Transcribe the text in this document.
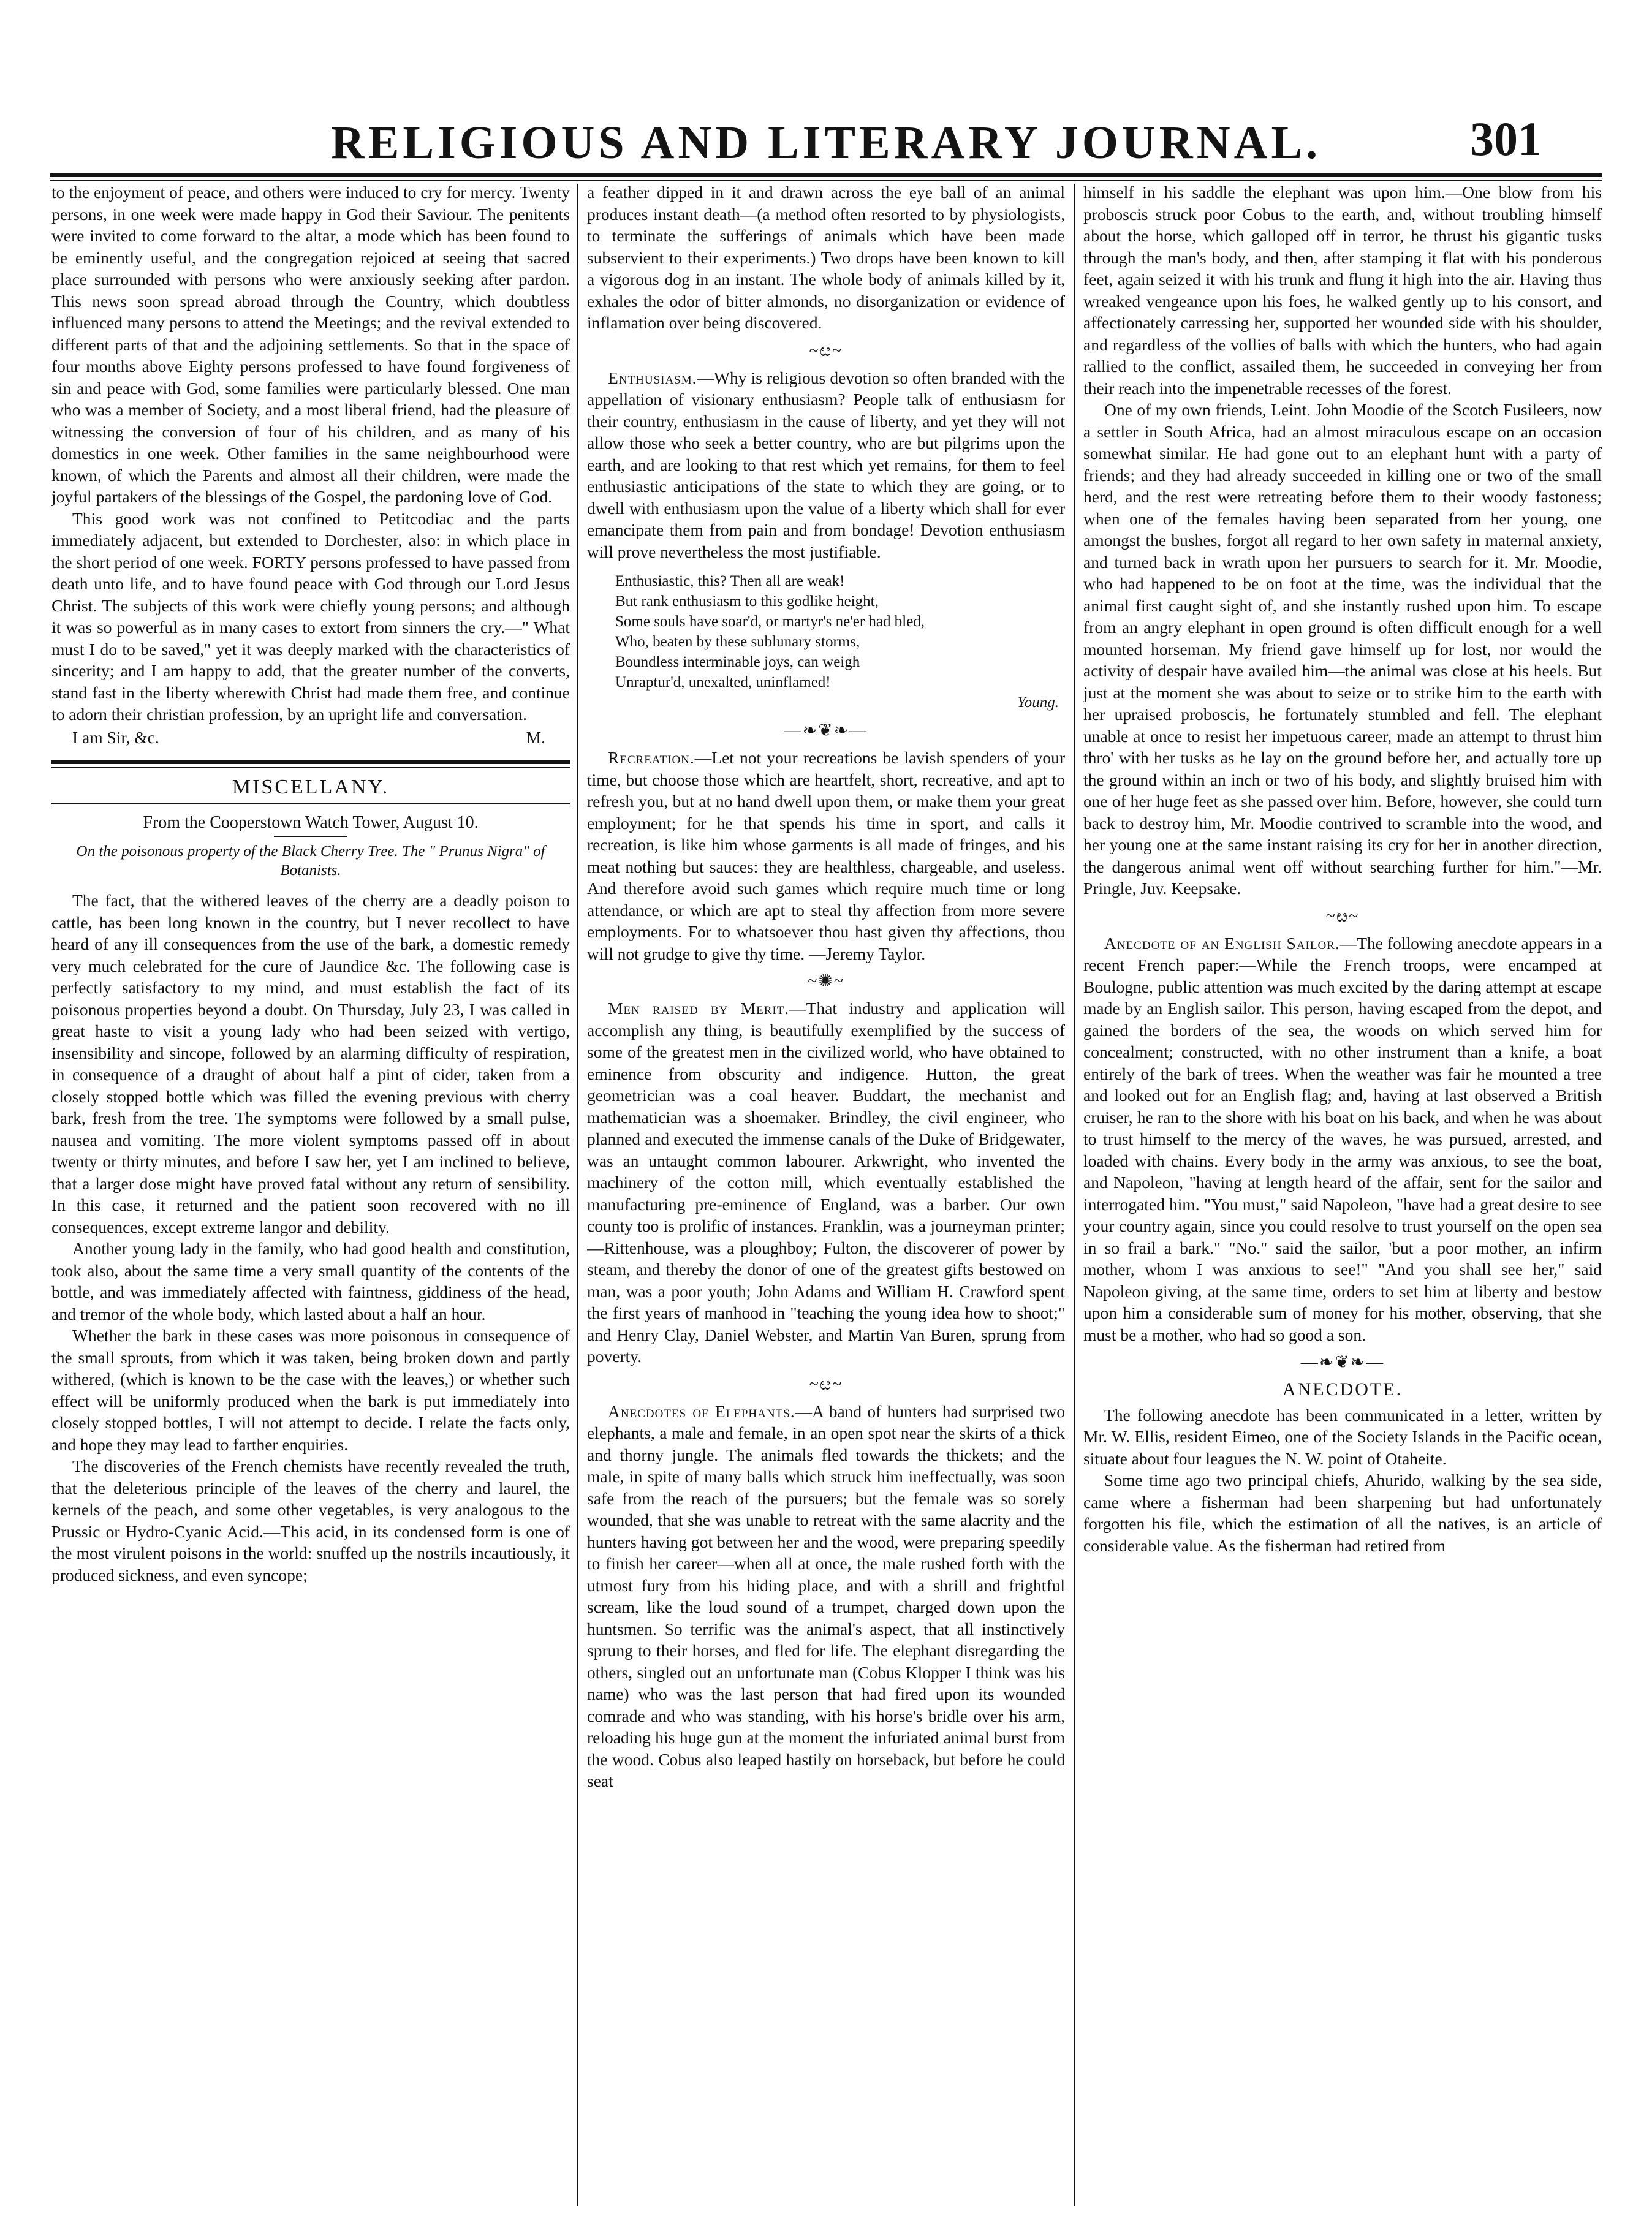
RELIGIOUS AND LITERARY JOURNAL.	301

to the enjoyment of peace, and others were induced to cry for mercy. Twenty persons, in one week were made happy in God their Saviour. The penitents were invited to come forward to the altar, a mode which has been found to be eminently useful, and the congregation rejoiced at seeing that sacred place surrounded with persons who were anxiously seeking after pardon. This news soon spread abroad through the Country, which doubtless influenced many persons to attend the Meetings; and the revival extended to different parts of that and the adjoining settlements. So that in the space of four months above Eighty persons professed to have found forgiveness of sin and peace with God, some families were particularly blessed. One man who was a member of Society, and a most liberal friend, had the pleasure of witnessing the conversion of four of his children, and as many of his domestics in one week. Other families in the same neighbourhood were known, of which the Parents and almost all their children, were made the joyful partakers of the blessings of the Gospel, the pardoning love of God.

This good work was not confined to Petitcodiac and the parts immediately adjacent, but extended to Dorchester, also: in which place in the short period of one week. FORTY persons professed to have passed from death unto life, and to have found peace with God through our Lord Jesus Christ. The subjects of this work were chiefly young persons; and although it was so powerful as in many cases to extort from sinners the cry.—" What must I do to be saved," yet it was deeply marked with the characteristics of sincerity; and I am happy to add, that the greater number of the converts, stand fast in the liberty wherewith Christ had made them free, and continue to adorn their christian profession, by an upright life and conversation.

I am Sir, &c.	M.
MISCELLANY.
From the Cooperstown Watch Tower, August 10.
On the poisonous property of the Black Cherry Tree. The " Prunus Nigra" of Botanists.

The fact, that the withered leaves of the cherry are a deadly poison to cattle, has been long known in the country, but I never recollect to have heard of any ill consequences from the use of the bark, a domestic remedy very much celebrated for the cure of Jaundice &c. The following case is perfectly satisfactory to my mind, and must establish the fact of its poisonous properties beyond a doubt. On Thursday, July 23, I was called in great haste to visit a young lady who had been seized with vertigo, insensibility and sincope, followed by an alarming difficulty of respiration, in consequence of a draught of about half a pint of cider, taken from a closely stopped bottle which was filled the evening previous with cherry bark, fresh from the tree. The symptoms were followed by a small pulse, nausea and vomiting. The more violent symptoms passed off in about twenty or thirty minutes, and before I saw her, yet I am inclined to believe, that a larger dose might have proved fatal without any return of sensibility. In this case, it returned and the patient soon recovered with no ill consequences, except extreme langor and debility.

Another young lady in the family, who had good health and constitution, took also, about the same time a very small quantity of the contents of the bottle, and was immediately affected with faintness, giddiness of the head, and tremor of the whole body, which lasted about a half an hour.

Whether the bark in these cases was more poisonous in consequence of the small sprouts, from which it was taken, being broken down and partly withered, (which is known to be the case with the leaves,) or whether such effect will be uniformly produced when the bark is put immediately into closely stopped bottles, I will not attempt to decide. I relate the facts only, and hope they may lead to farther enquiries.

The discoveries of the French chemists have recently revealed the truth, that the deleterious principle of the leaves of the cherry and laurel, the kernels of the peach, and some other vegetables, is very analogous to the Prussic or Hydro-Cyanic Acid.—This acid, in its condensed form is one of the most virulent poisons in the world: snuffed up the nostrils incautiously, it produced sickness, and even syncope;

a feather dipped in it and drawn across the eye ball of an animal produces instant death—(a method often resorted to by physiologists, to terminate the sufferings of animals which have been made subservient to their experiments.) Two drops have been known to kill a vigorous dog in an instant. The whole body of animals killed by it, exhales the odor of bitter almonds, no disorganization or evidence of inflamation over being discovered.

~ೞ~

Enthusiasm.—Why is religious devotion so often branded with the appellation of visionary enthusiasm? People talk of enthusiasm for their country, enthusiasm in the cause of liberty, and yet they will not allow those who seek a better country, who are but pilgrims upon the earth, and are looking to that rest which yet remains, for them to feel enthusiastic anticipations of the state to which they are going, or to dwell with enthusiasm upon the value of a liberty which shall for ever emancipate them from pain and from bondage! Devotion enthusiasm will prove nevertheless the most justifiable.

Enthusiastic, this? Then all are weak!
But rank enthusiasm to this godlike height,
Some souls have soar'd, or martyr's ne'er had bled,
Who, beaten by these sublunary storms,
Boundless interminable joys, can weigh
Unraptur'd, unexalted, uninflamed!
Young.
—❧❦❧—

Recreation.—Let not your recreations be lavish spenders of your time, but choose those which are heartfelt, short, recreative, and apt to refresh you, but at no hand dwell upon them, or make them your great employment; for he that spends his time in sport, and calls it recreation, is like him whose garments is all made of fringes, and his meat nothing but sauces: they are healthless, chargeable, and useless. And therefore avoid such games which require much time or long attendance, or which are apt to steal thy affection from more severe employments. For to whatsoever thou hast given thy affections, thou will not grudge to give thy time. —Jeremy Taylor.

~✺~

Men raised by Merit.—That industry and application will accomplish any thing, is beautifully exemplified by the success of some of the greatest men in the civilized world, who have obtained to eminence from obscurity and indigence. Hutton, the great geometrician was a coal heaver. Buddart, the mechanist and mathematician was a shoemaker. Brindley, the civil engineer, who planned and executed the immense canals of the Duke of Bridgewater, was an untaught common labourer. Arkwright, who invented the machinery of the cotton mill, which eventually established the manufacturing pre-eminence of England, was a barber. Our own county too is prolific of instances. Franklin, was a journeyman printer;—Rittenhouse, was a ploughboy; Fulton, the discoverer of power by steam, and thereby the donor of one of the greatest gifts bestowed on man, was a poor youth; John Adams and William H. Crawford spent the first years of manhood in "teaching the young idea how to shoot;" and Henry Clay, Daniel Webster, and Martin Van Buren, sprung from poverty.

~ೞ~

Anecdotes of Elephants.—A band of hunters had surprised two elephants, a male and female, in an open spot near the skirts of a thick and thorny jungle. The animals fled towards the thickets; and the male, in spite of many balls which struck him ineffectually, was soon safe from the reach of the pursuers; but the female was so sorely wounded, that she was unable to retreat with the same alacrity and the hunters having got between her and the wood, were preparing speedily to finish her career—when all at once, the male rushed forth with the utmost fury from his hiding place, and with a shrill and frightful scream, like the loud sound of a trumpet, charged down upon the huntsmen. So terrific was the animal's aspect, that all instinctively sprung to their horses, and fled for life. The elephant disregarding the others, singled out an unfortunate man (Cobus Klopper I think was his name) who was the last person that had fired upon its wounded comrade and who was standing, with his horse's bridle over his arm, reloading his huge gun at the moment the infuriated animal burst from the wood. Cobus also leaped hastily on horseback, but before he could seat

himself in his saddle the elephant was upon him.—One blow from his proboscis struck poor Cobus to the earth, and, without troubling himself about the horse, which galloped off in terror, he thrust his gigantic tusks through the man's body, and then, after stamping it flat with his ponderous feet, again seized it with his trunk and flung it high into the air. Having thus wreaked vengeance upon his foes, he walked gently up to his consort, and affectionately carressing her, supported her wounded side with his shoulder, and regardless of the vollies of balls with which the hunters, who had again rallied to the conflict, assailed them, he succeeded in conveying her from their reach into the impenetrable recesses of the forest.

One of my own friends, Leint. John Moodie of the Scotch Fusileers, now a settler in South Africa, had an almost miraculous escape on an occasion somewhat similar. He had gone out to an elephant hunt with a party of friends; and they had already succeeded in killing one or two of the small herd, and the rest were retreating before them to their woody fastoness; when one of the females having been separated from her young, one amongst the bushes, forgot all regard to her own safety in maternal anxiety, and turned back in wrath upon her pursuers to search for it. Mr. Moodie, who had happened to be on foot at the time, was the individual that the animal first caught sight of, and she instantly rushed upon him. To escape from an angry elephant in open ground is often difficult enough for a well mounted horseman. My friend gave himself up for lost, nor would the activity of despair have availed him—the animal was close at his heels. But just at the moment she was about to seize or to strike him to the earth with her upraised proboscis, he fortunately stumbled and fell. The elephant unable at once to resist her impetuous career, made an attempt to thrust him thro' with her tusks as he lay on the ground before her, and actually tore up the ground within an inch or two of his body, and slightly bruised him with one of her huge feet as she passed over him. Before, however, she could turn back to destroy him, Mr. Moodie contrived to scramble into the wood, and her young one at the same instant raising its cry for her in another direction, the dangerous animal went off without searching further for him."—Mr. Pringle, Juv. Keepsake.

~ೞ~

Anecdote of an English Sailor.—The following anecdote appears in a recent French paper:—While the French troops, were encamped at Boulogne, public attention was much excited by the daring attempt at escape made by an English sailor. This person, having escaped from the depot, and gained the borders of the sea, the woods on which served him for concealment; constructed, with no other instrument than a knife, a boat entirely of the bark of trees. When the weather was fair he mounted a tree and looked out for an English flag; and, having at last observed a British cruiser, he ran to the shore with his boat on his back, and when he was about to trust himself to the mercy of the waves, he was pursued, arrested, and loaded with chains. Every body in the army was anxious, to see the boat, and Napoleon, "having at length heard of the affair, sent for the sailor and interrogated him. "You must," said Napoleon, "have had a great desire to see your country again, since you could resolve to trust yourself on the open sea in so frail a bark." "No." said the sailor, 'but a poor mother, an infirm mother, whom I was anxious to see!" "And you shall see her," said Napoleon giving, at the same time, orders to set him at liberty and bestow upon him a considerable sum of money for his mother, observing, that she must be a mother, who had so good a son.

—❧❦❧—
ANECDOTE.

The following anecdote has been communicated in a letter, written by Mr. W. Ellis, resident Eimeo, one of the Society Islands in the Pacific ocean, situate about four leagues the N. W. point of Otaheite.

Some time ago two principal chiefs, Ahurido, walking by the sea side, came where a fisherman had been sharpening but had unfortunately forgotten his file, which the estimation of all the natives, is an article of considerable value. As the fisherman had retired from
